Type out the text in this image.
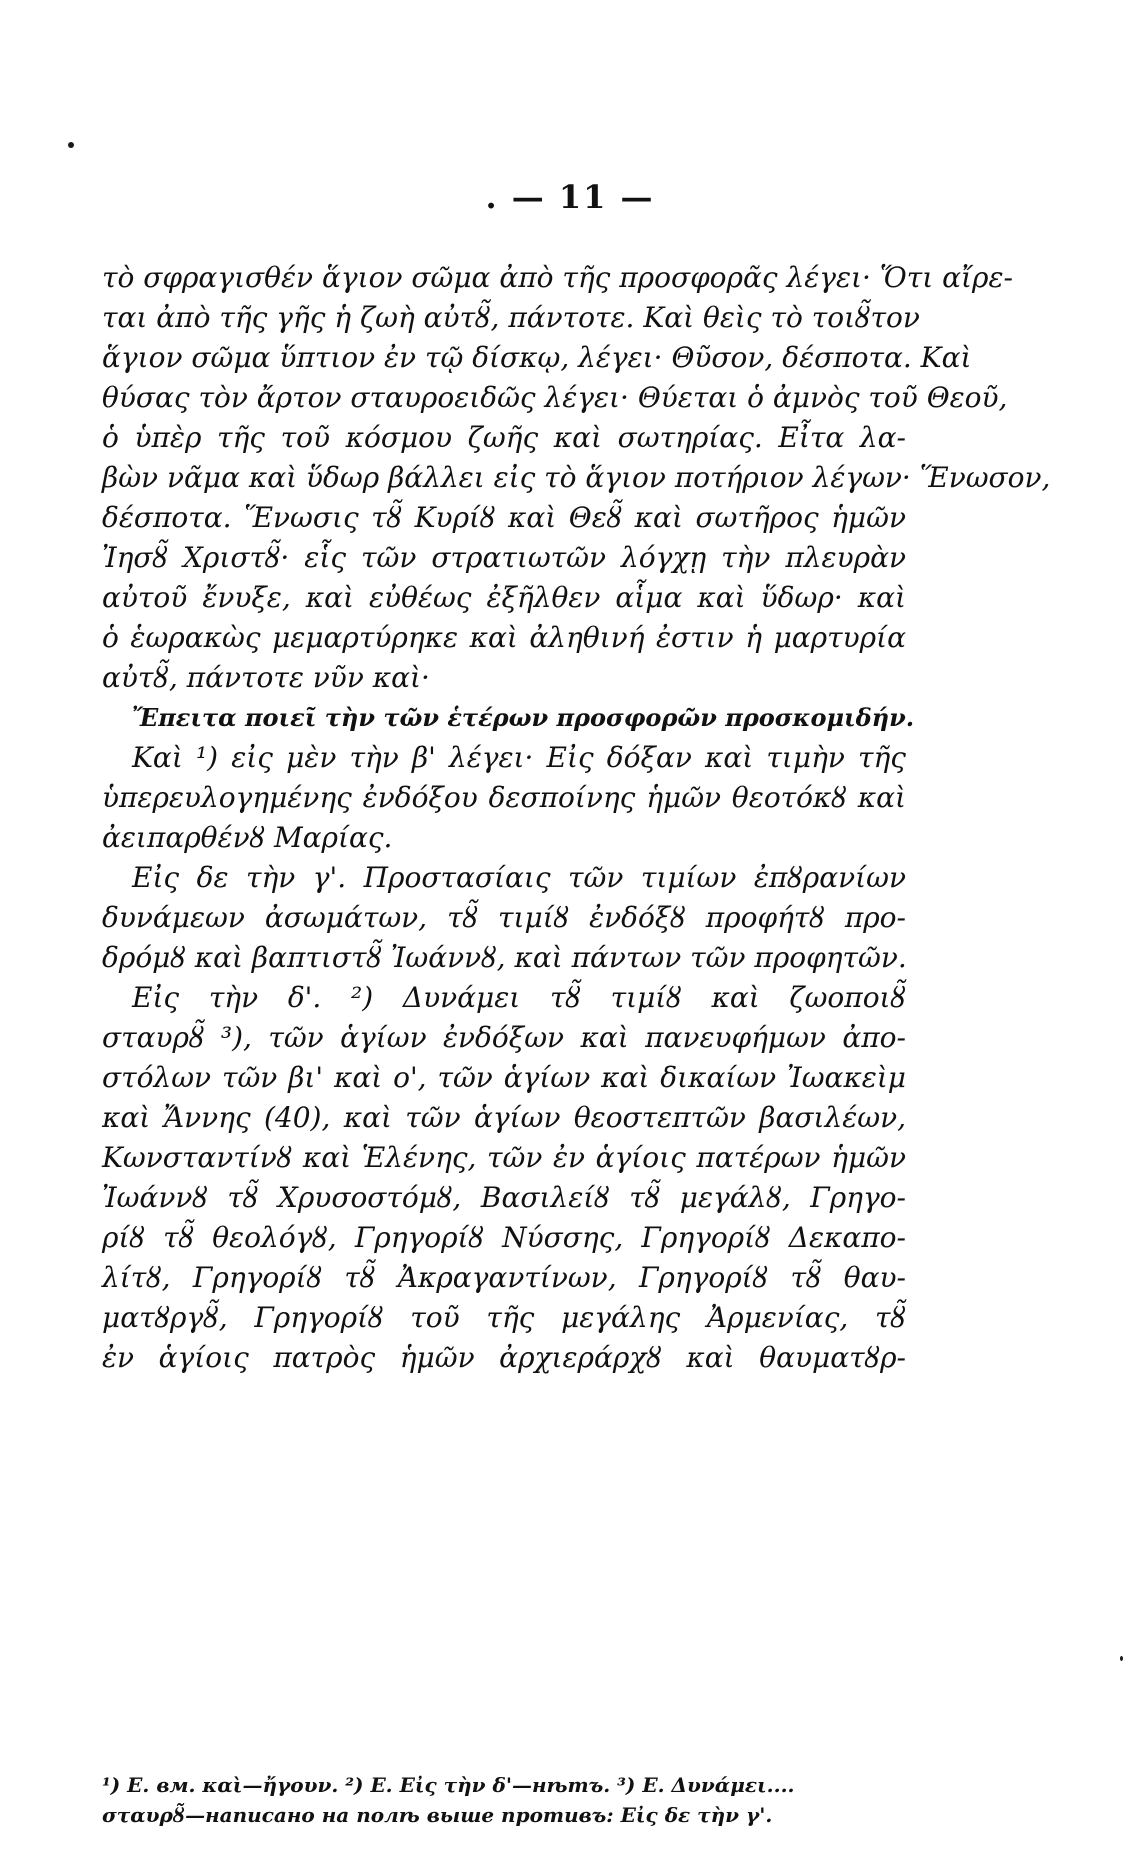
. — 11 —
τὸ σφραγισθέν ἅγιον σῶμα ἀπὸ τῆς προσφορᾶς λέγει· Ὅτι αἴρε-
ται ἀπὸ τῆς γῆς ἡ ζωὴ αὐτȣ̃, πάντοτε. Καὶ θεὶς τὸ τοιȣ̃τον
ἅγιον σῶμα ὕπτιον ἐν τῷ δίσκῳ, λέγει· Θῦσον, δέσποτα. Καὶ
θύσας τὸν ἄρτον σταυροειδῶς λέγει· Θύεται ὁ ἀμνὸς τοῦ Θεοῦ,
ὁ ὑπὲρ τῆς τοῦ κόσμου ζωῆς καὶ σωτηρίας. Εἶτα λα-
βὼν νᾶμα καὶ ὕδωρ βάλλει εἰς τὸ ἅγιον ποτήριον λέγων· Ἕνωσον,
δέσποτα. Ἕνωσις τȣ̃ Κυρίȣ καὶ Θεȣ̃ καὶ σωτῆρος ἡμῶν
Ἰησȣ̃ Χριστȣ̃· εἷς τῶν στρατιωτῶν λόγχῃ τὴν πλευρὰν
αὐτοῦ ἔνυξε, καὶ εὐθέως ἐξῆλθεν αἷμα καὶ ὕδωρ· καὶ
ὁ ἑωρακὼς μεμαρτύρηκε καὶ ἀληθινή ἐστιν ἡ μαρτυρία
αὐτȣ̃, πάντοτε νῦν καὶ·
Ἔπειτα ποιεῖ τὴν τῶν ἑτέρων προσφορῶν προσκομιδήν.
Καὶ ¹) εἰς μὲν τὴν β' λέγει· Εἰς δόξαν καὶ τιμὴν τῆς
ὑπερευλογημένης ἐνδόξου δεσποίνης ἡμῶν θεοτόκȣ καὶ
ἀειπαρθένȣ Μαρίας.
Εἰς δε τὴν γ'. Προστασίαις τῶν τιμίων ἐπȣρανίων
δυνάμεων ἀσωμάτων, τȣ̃ τιμίȣ ἐνδόξȣ προφήτȣ προ-
δρόμȣ καὶ βαπτιστȣ̃ Ἰωάννȣ, καὶ πάντων τῶν προφητῶν.
Εἰς τὴν δ'. ²) Δυνάμει τȣ̃ τιμίȣ καὶ ζωοποιȣ̃
σταυρȣ̃ ³), τῶν ἁγίων ἐνδόξων καὶ πανευφήμων ἀπο-
στόλων τῶν βι' καὶ ο', τῶν ἁγίων καὶ δικαίων Ἰωακεὶμ
καὶ Ἄννης (40), καὶ τῶν ἁγίων θεοστεπτῶν βασιλέων,
Κωνσταντίνȣ καὶ Ἑλένης, τῶν ἐν ἁγίοις πατέρων ἡμῶν
Ἰωάννȣ τȣ̃ Χρυσοστόμȣ, Βασιλείȣ τȣ̃ μεγάλȣ, Γρηγο-
ρίȣ τȣ̃ θεολόγȣ, Γρηγορίȣ Νύσσης, Γρηγορίȣ Δεκαπο-
λίτȣ, Γρηγορίȣ τȣ̃ Ἀκραγαντίνων, Γρηγορίȣ τȣ̃ θαυ-
ματȣργȣ̃, Γρηγορίȣ τοῦ τῆς μεγάλης Ἀρμενίας, τȣ̃
ἐν ἁγίοις πατρὸς ἡμῶν ἀρχιεράρχȣ καὶ θαυματȣρ-
¹) Е. вм. καὶ—ἤγουν. ²) Е. Εἰς τὴν δ'—нѣтъ. ³) Е. Δυνάμει....
σταυρȣ̃—написано на полѣ выше противъ: Εἰς δε τὴν γ'.
